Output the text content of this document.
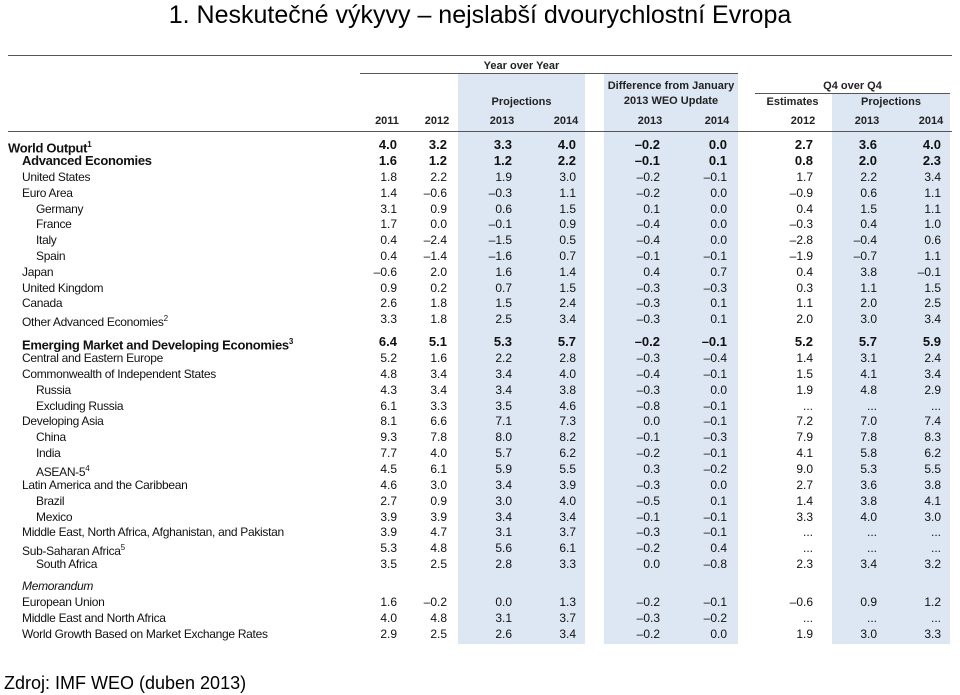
1. Neskutečné výkyvy – nejslabší dvourychlostní Evropa
Year over Year
Projections
Difference from January
2013 WEO Update
Q4 over Q4
Estimates	Projections
2011	2012	2013	2014	2013	2014	2012	2013	2014
World Output$^1$	4.0	3.2	3.3	4.0	–0.2	0.0	2.7	3.6	4.0
Advanced Economies	1.6	1.2	1.2	2.2	–0.1	0.1	0.8	2.0	2.3
United States	1.8	2.2	1.9	3.0	–0.2	–0.1	1.7	2.2	3.4
Euro Area	1.4	–0.6	–0.3	1.1	–0.2	0.0	–0.9	0.6	1.1
Germany	3.1	0.9	0.6	1.5	0.1	0.0	0.4	1.5	1.1
France	1.7	0.0	–0.1	0.9	–0.4	0.0	–0.3	0.4	1.0
Italy	0.4	–2.4	–1.5	0.5	–0.4	0.0	–2.8	–0.4	0.6
Spain	0.4	–1.4	–1.6	0.7	–0.1	–0.1	–1.9	–0.7	1.1
Japan	–0.6	2.0	1.6	1.4	0.4	0.7	0.4	3.8	–0.1
United Kingdom	0.9	0.2	0.7	1.5	–0.3	–0.3	0.3	1.1	1.5
Canada	2.6	1.8	1.5	2.4	–0.3	0.1	1.1	2.0	2.5
Other Advanced Economies$^2$	3.3	1.8	2.5	3.4	–0.3	0.1	2.0	3.0	3.4
Emerging Market and Developing Economies$^3$	6.4	5.1	5.3	5.7	–0.2	–0.1	5.2	5.7	5.9
Central and Eastern Europe	5.2	1.6	2.2	2.8	–0.3	–0.4	1.4	3.1	2.4
Commonwealth of Independent States	4.8	3.4	3.4	4.0	–0.4	–0.1	1.5	4.1	3.4
Russia	4.3	3.4	3.4	3.8	–0.3	0.0	1.9	4.8	2.9
Excluding Russia	6.1	3.3	3.5	4.6	–0.8	–0.1	...	...	...
Developing Asia	8.1	6.6	7.1	7.3	0.0	–0.1	7.2	7.0	7.4
China	9.3	7.8	8.0	8.2	–0.1	–0.3	7.9	7.8	8.3
India	7.7	4.0	5.7	6.2	–0.2	–0.1	4.1	5.8	6.2
ASEAN-$5^4$	4.5	6.1	5.9	5.5	0.3	–0.2	9.0	5.3	5.5
Latin America and the Caribbean	4.6	3.0	3.4	3.9	–0.3	0.0	2.7	3.6	3.8
Brazil	2.7	0.9	3.0	4.0	–0.5	0.1	1.4	3.8	4.1
Mexico	3.9	3.9	3.4	3.4	–0.1	–0.1	3.3	4.0	3.0
Middle East, North Africa, Afghanistan, and Pakistan	3.9	4.7	3.1	3.7	–0.3	–0.1	...	...	...
Sub-Saharan Africa$^5$	5.3	4.8	5.6	6.1	–0.2	0.4	...	...	...
South Africa	3.5	2.5	2.8	3.3	0.0	–0.8	2.3	3.4	3.2
Memorandum
European Union	1.6	–0.2	0.0	1.3	–0.2	–0.1	–0.6	0.9	1.2
Middle East and North Africa	4.0	4.8	3.1	3.7	–0.3	–0.2	...	...	...
World Growth Based on Market Exchange Rates	2.9	2.5	2.6	3.4	–0.2	0.0	1.9	3.0	3.3
Zdroj: IMF WEO (duben 2013)
